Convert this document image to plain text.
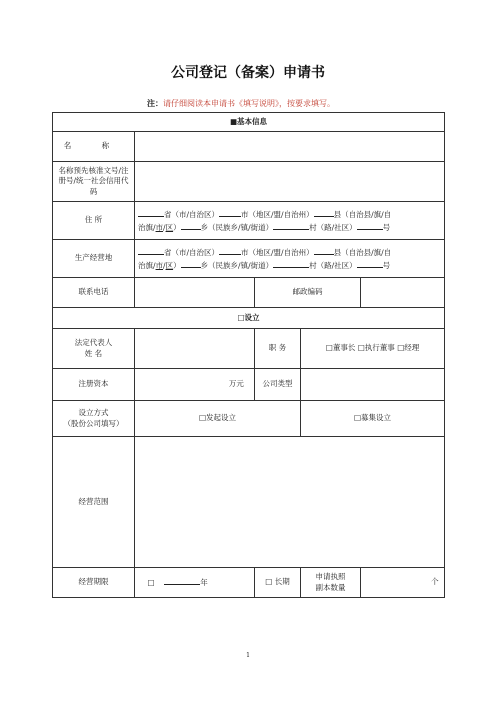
公司登记（备案）申请书
注：请仔细阅读本申请书《填写说明》，按要求填写。
■基本信息				
名 称				
名称预先核准文号/注册号/统一社会信用代码				
住 所	省（市/自治区） 市（地区/盟/自治州） 县（自治县/旗/自
治旗/市/区） 乡（民族乡/镇/街道） 村（路/社区） 号			
生产经营地	省（市/自治区） 市（地区/盟/自治州） 县（自治县/旗/自
治旗/市/区） 乡（民族乡/镇/街道） 村（路/社区） 号			
联系电话		邮政编码		
□设立				
法定代表人
姓 名		职 务	□董事长 □执行董事 □经理	
注册资本	万元	公司类型		
设立方式
（股份公司填写）	□发起设立		□募集设立	
经营范围				
经营期限	□ 年	□ 长期	申请执照
副本数量	个
1
